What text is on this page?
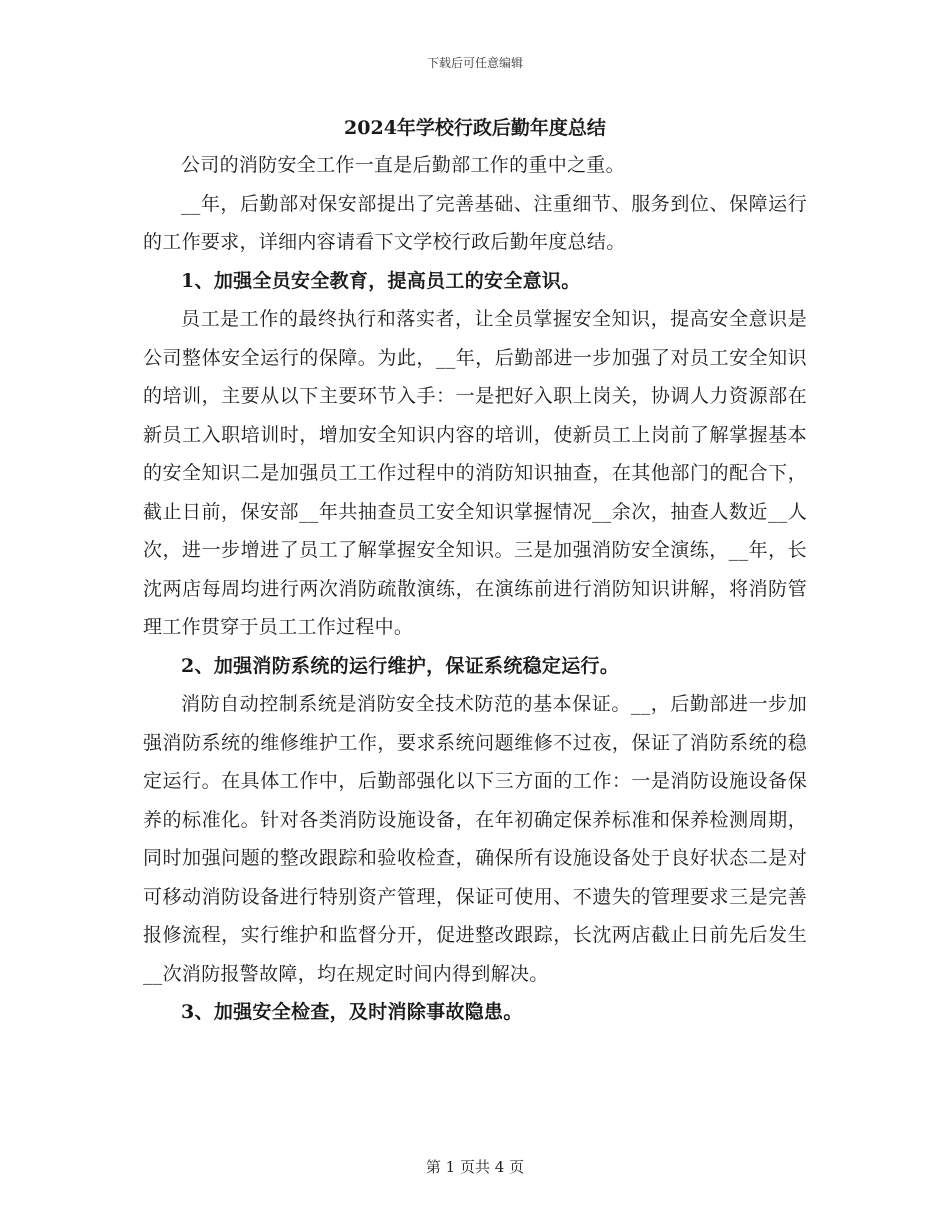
下载后可任意编辑
2024年学校行政后勤年度总结

公司的消防安全工作一直是后勤部工作的重中之重。

__年，后勤部对保安部提出了完善基础、注重细节、服务到位、保障运行的工作要求，详细内容请看下文学校行政后勤年度总结。

1、加强全员安全教育，提高员工的安全意识。

员工是工作的最终执行和落实者，让全员掌握安全知识，提高安全意识是公司整体安全运行的保障。为此，__年，后勤部进一步加强了对员工安全知识的培训，主要从以下主要环节入手：一是把好入职上岗关，协调人力资源部在新员工入职培训时，增加安全知识内容的培训，使新员工上岗前了解掌握基本的安全知识二是加强员工工作过程中的消防知识抽查，在其他部门的配合下，截止日前，保安部__年共抽查员工安全知识掌握情况__余次，抽查人数近__人次，进一步增进了员工了解掌握安全知识。三是加强消防安全演练，__年，长沈两店每周均进行两次消防疏散演练，在演练前进行消防知识讲解，将消防管理工作贯穿于员工工作过程中。

2、加强消防系统的运行维护，保证系统稳定运行。

消防自动控制系统是消防安全技术防范的基本保证。__，后勤部进一步加强消防系统的维修维护工作，要求系统问题维修不过夜，保证了消防系统的稳定运行。在具体工作中，后勤部强化以下三方面的工作：一是消防设施设备保养的标准化。针对各类消防设施设备，在年初确定保养标准和保养检测周期，同时加强问题的整改跟踪和验收检查，确保所有设施设备处于良好状态二是对可移动消防设备进行特别资产管理，保证可使用、不遗失的管理要求三是完善报修流程，实行维护和监督分开，促进整改跟踪，长沈两店截止日前先后发生__次消防报警故障，均在规定时间内得到解决。

3、加强安全检查，及时消除事故隐患。

第 1 页共 4 页
